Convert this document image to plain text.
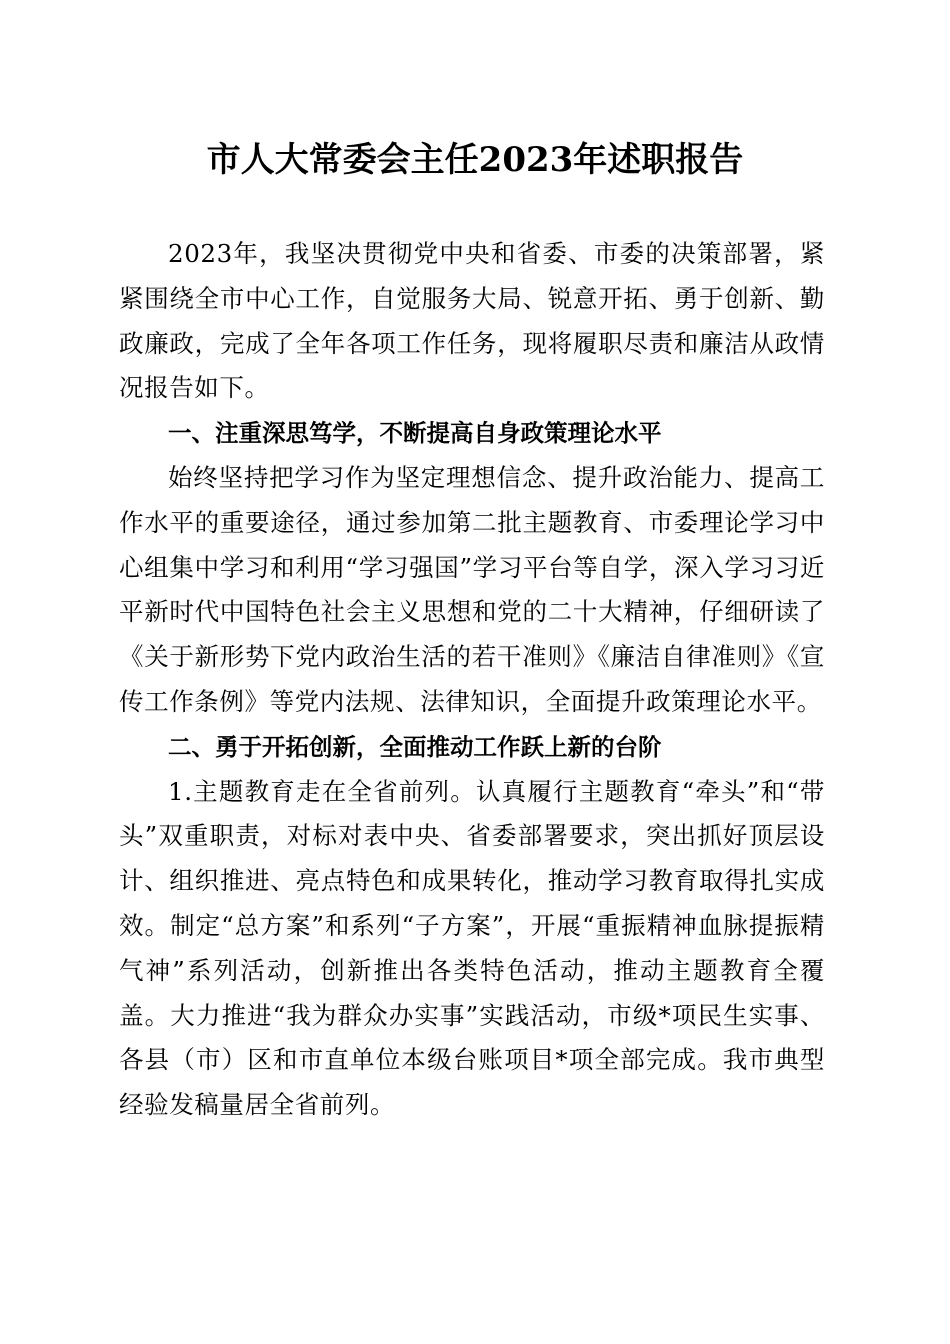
市人大常委会主任2023年述职报告

2023年，我坚决贯彻党中央和省委、市委的决策部署，紧紧围绕全市中心工作，自觉服务大局、锐意开拓、勇于创新、勤政廉政，完成了全年各项工作任务，现将履职尽责和廉洁从政情况报告如下。

一、注重深思笃学，不断提高自身政策理论水平

始终坚持把学习作为坚定理想信念、提升政治能力、提高工作水平的重要途径，通过参加第二批主题教育、市委理论学习中心组集中学习和利用“学习强国”学习平台等自学，深入学习习近平新时代中国特色社会主义思想和党的二十大精神，仔细研读了《关于新形势下党内政治生活的若干准则》《廉洁自律准则》《宣传工作条例》等党内法规、法律知识，全面提升政策理论水平。

二、勇于开拓创新，全面推动工作跃上新的台阶

1.主题教育走在全省前列。认真履行主题教育“牵头”和“带头”双重职责，对标对表中央、省委部署要求，突出抓好顶层设计、组织推进、亮点特色和成果转化，推动学习教育取得扎实成效。制定“总方案”和系列“子方案”，开展“重振精神血脉提振精气神”系列活动，创新推出各类特色活动，推动主题教育全覆盖。大力推进“我为群众办实事”实践活动，市级*项民生实事、各县（市）区和市直单位本级台账项目*项全部完成。我市典型经验发稿量居全省前列。
